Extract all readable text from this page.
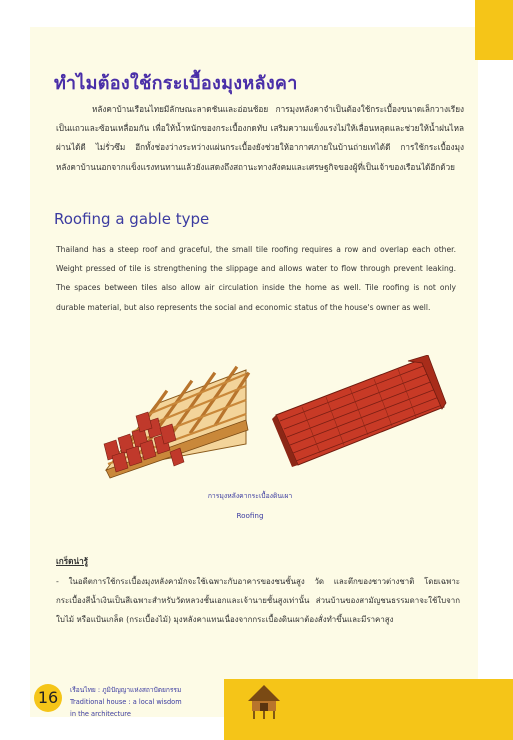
ทำไมต้องใช้กระเบื้องมุงหลังคา
หลังคาบ้านเรือนไทยมีลักษณะลาดชันและอ่อนช้อย การมุงหลังคาจำเป็นต้องใช้กระเบื้องขนาดเล็กวางเรียงเป็นแถวและซ้อนเหลื่อมกัน เพื่อให้น้ำหนักของกระเบื้องกดทับ เสริมความแข็งแรงไม่ให้เลื่อนหลุดและช่วยให้น้ำฝนไหลผ่านได้ดี ไม่รั่วซึม อีกทั้งช่องว่างระหว่างแผ่นกระเบื้องยังช่วยให้อากาศภายในบ้านถ่ายเทได้ดี การใช้กระเบื้องมุงหลังคาบ้านนอกจากแข็งแรงทนทานแล้วยังแสดงถึงสถานะทางสังคมและเศรษฐกิจของผู้ที่เป็นเจ้าของเรือนได้อีกด้วย
Roofing a gable type
Thailand has a steep roof and graceful, the small tile roofing requires a row and overlap each other. Weight pressed of tile is strengthening the slippage and allows water to flow through prevent leaking. The spaces between tiles also allow air circulation inside the home as well. Tile roofing is not only durable material, but also represents the social and economic status of the house's owner as well.
การมุงหลังคากระเบื้องดินเผา
Roofing
เกร็ดน่ารู้
- ในอดีตการใช้กระเบื้องมุงหลังคามักจะใช้เฉพาะกับอาคารของชนชั้นสูง วัด และตึกของชาวต่างชาติ โดยเฉพาะกระเบื้องสีน้ำเงินเป็นสีเฉพาะสำหรับวัดหลวงชั้นเอกและเจ้านายชั้นสูงเท่านั้น ส่วนบ้านของสามัญชนธรรมดาจะใช้ใบจาก ใบไม้ หรือแป้นเกล็ด (กระเบื้องไม้) มุงหลังคาแทนเนื่องจากกระเบื้องดินเผาต้องสั่งทำขึ้นและมีราคาสูง
16	เรือนไทย : ภูมิปัญญาแห่งสถาปัตยกรรม
Traditional house : a local wisdom
in the architecture
